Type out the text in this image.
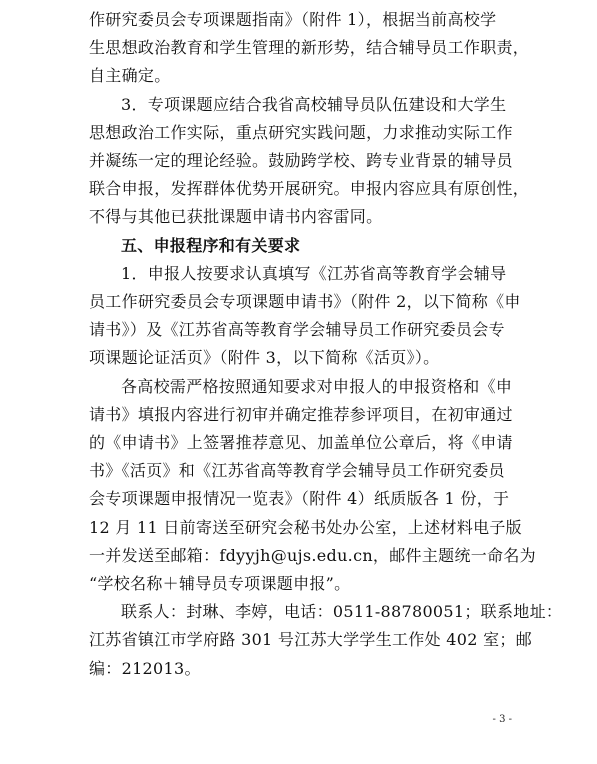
作研究委员会专项课题指南》（附件 1），根据当前高校学
生思想政治教育和学生管理的新形势，结合辅导员工作职责，
自主确定。
3．专项课题应结合我省高校辅导员队伍建设和大学生
思想政治工作实际，重点研究实践问题，力求推动实际工作
并凝练一定的理论经验。鼓励跨学校、跨专业背景的辅导员
联合申报，发挥群体优势开展研究。申报内容应具有原创性，
不得与其他已获批课题申请书内容雷同。
五、申报程序和有关要求
1．申报人按要求认真填写《江苏省高等教育学会辅导
员工作研究委员会专项课题申请书》（附件 2，以下简称《申
请书》）及《江苏省高等教育学会辅导员工作研究委员会专
项课题论证活页》（附件 3，以下简称《活页》）。
各高校需严格按照通知要求对申报人的申报资格和《申
请书》填报内容进行初审并确定推荐参评项目，在初审通过
的《申请书》上签署推荐意见、加盖单位公章后，将《申请
书》《活页》和《江苏省高等教育学会辅导员工作研究委员
会专项课题申报情况一览表》（附件 4）纸质版各 1 份，于
12 月 11 日前寄送至研究会秘书处办公室，上述材料电子版
一并发送至邮箱：fdyyjh@ujs.edu.cn，邮件主题统一命名为
“学校名称＋辅导员专项课题申报”。
联系人：封琳、李婷，电话：0511-88780051；联系地址：
江苏省镇江市学府路 301 号江苏大学学生工作处 402 室；邮
编：212013。
- 3 -
